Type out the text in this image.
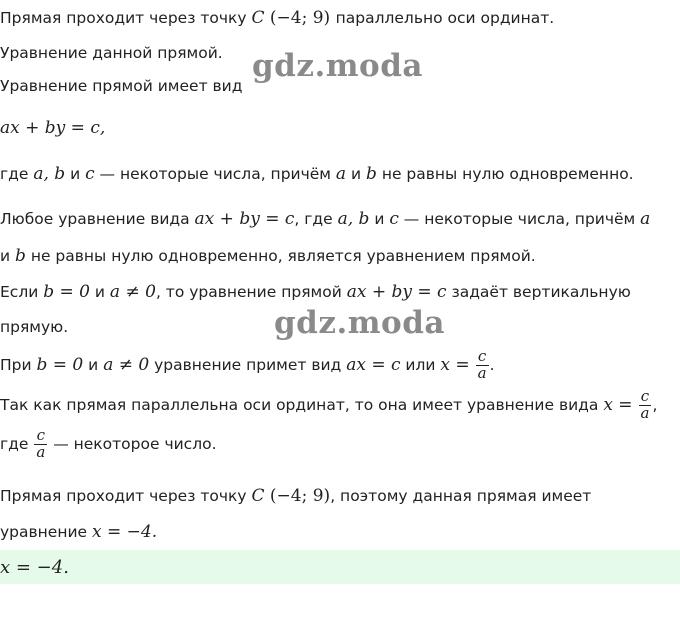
Прямая проходит через точку C (−4; 9) параллельно оси ординат.
Уравнение данной прямой.
Уравнение прямой имеет вид
gdz.moda
ax + by = c,
где a, b и c — некоторые числа, причём a и b не равны нулю одновременно.
Любое уравнение вида ax + by = c, где a, b и c — некоторые числа, причём a
и b не равны нулю одновременно, является уравнением прямой.
Если b = 0 и a ≠ 0, то уравнение прямой ax + by = c задаёт вертикальную
прямую.	gdz.moda
При b = 0 и a ≠ 0 уравнение примет вид ax = c или $x = \frac{c}{a}$ .
Так как прямая параллельна оси ординат, то она имеет уравнение вида $x = \frac{c}{a}$ ,
где $\frac{c}{a}$ — некоторое число.
Прямая проходит через точку C (−4; 9), поэтому данная прямая имеет
уравнение x = −4.
x = −4.
